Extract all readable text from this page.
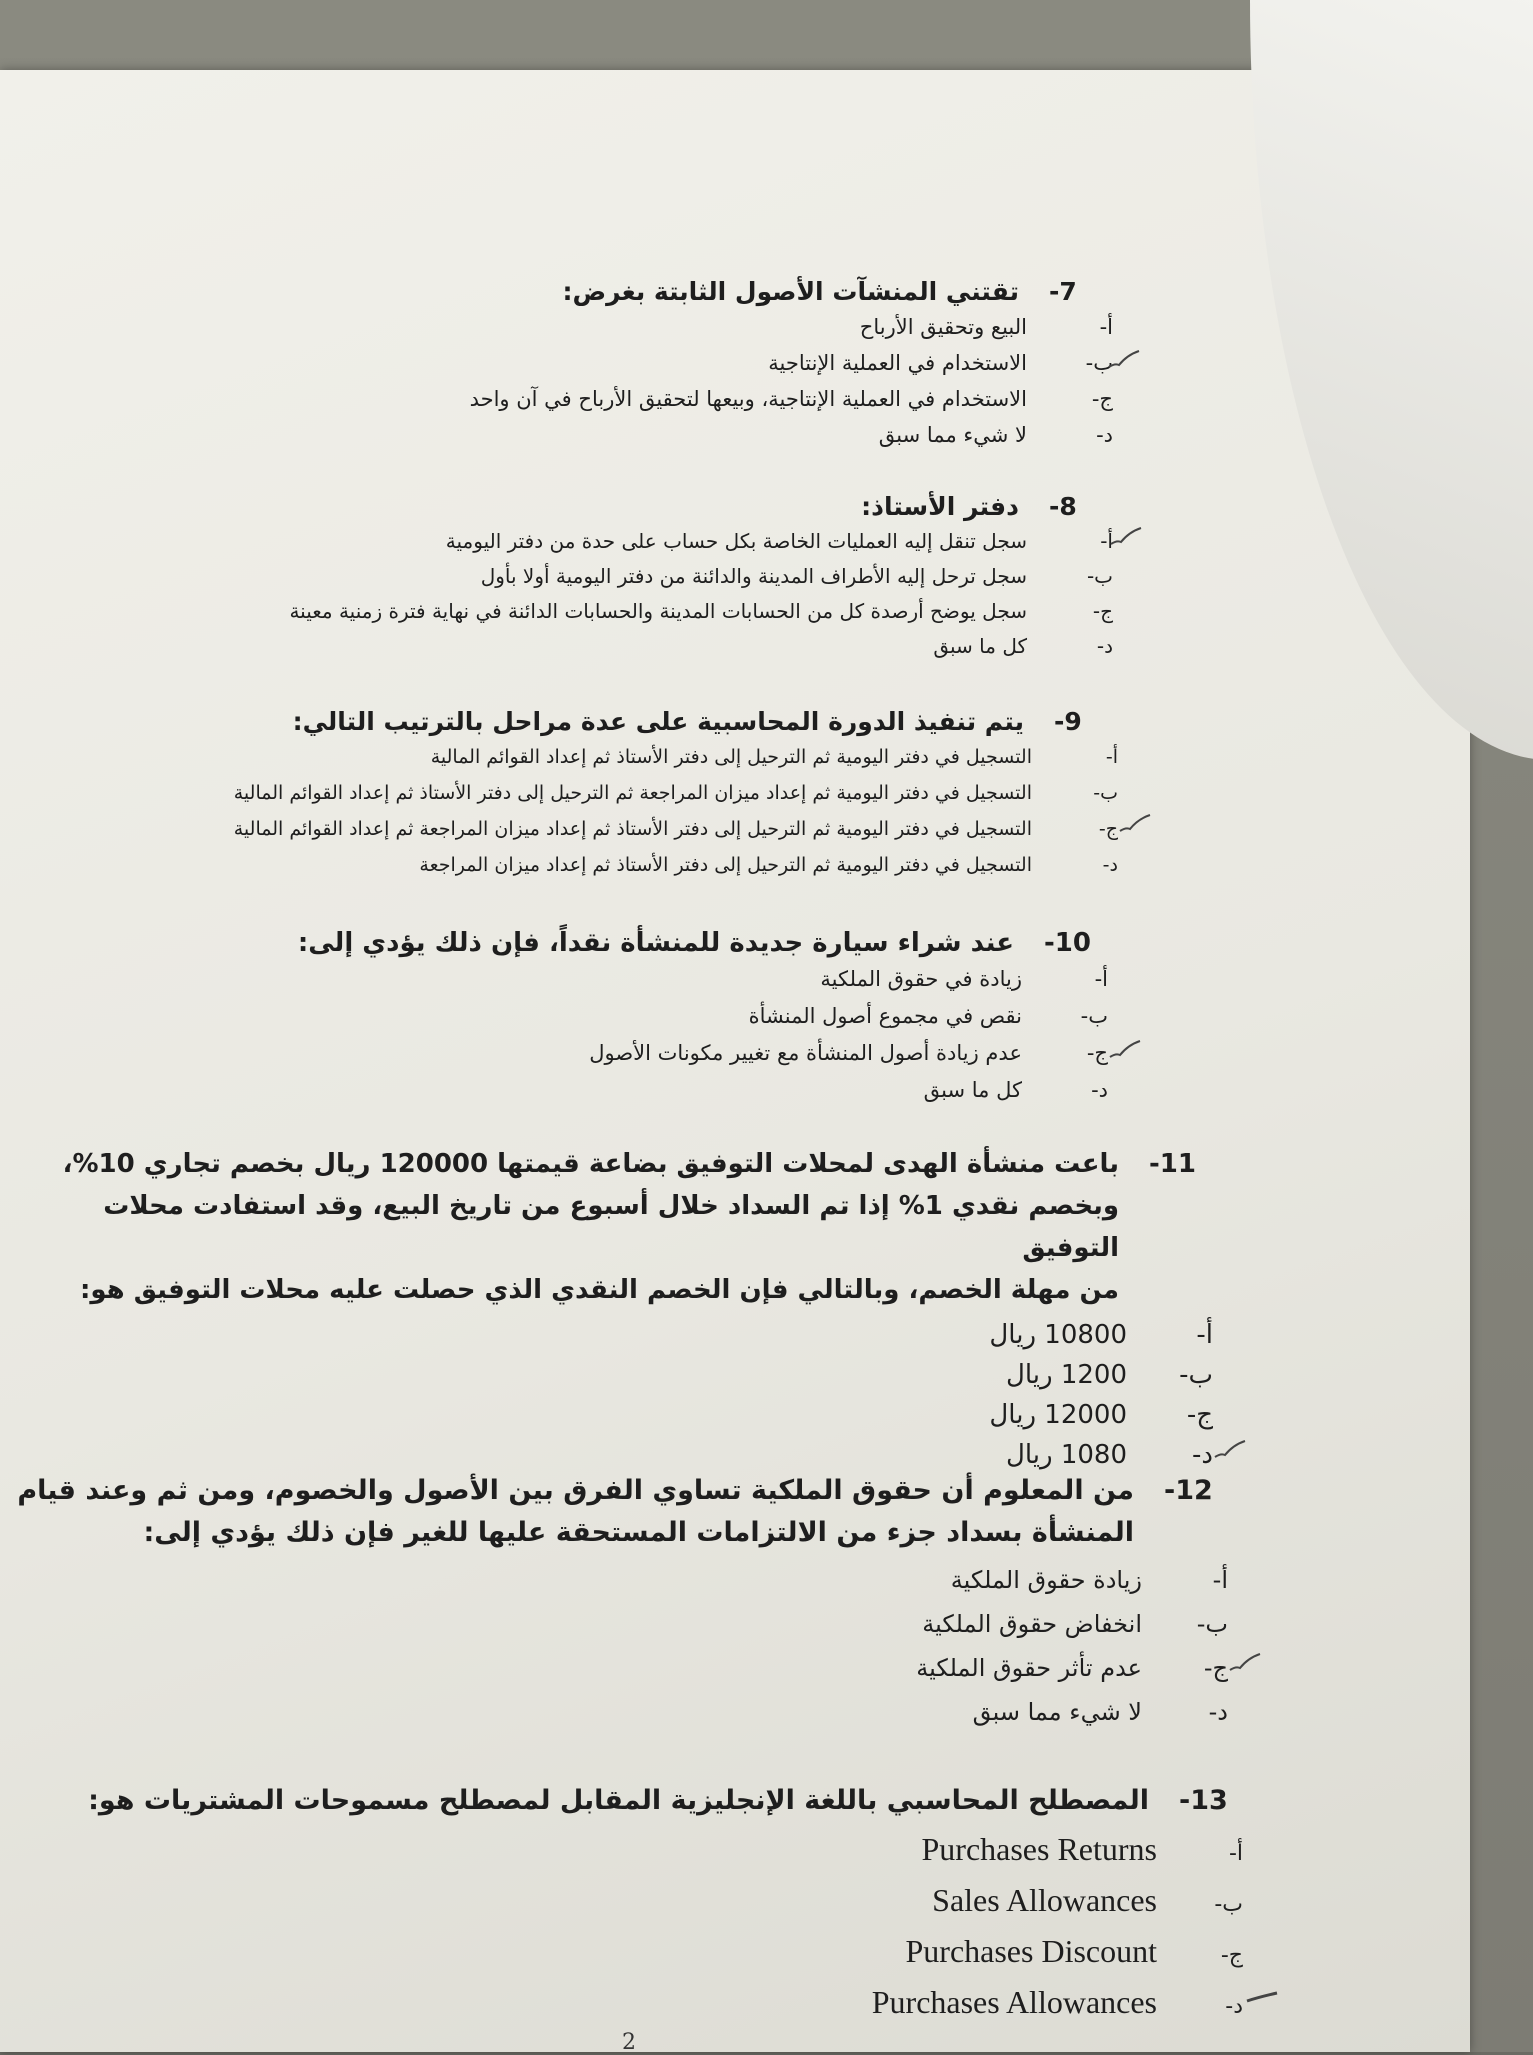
-7
تقتني المنشآت الأصول الثابتة بغرض:
أ-
البيع وتحقيق الأرباح
ب-
الاستخدام في العملية الإنتاجية
ج-
الاستخدام في العملية الإنتاجية، وبيعها لتحقيق الأرباح في آن واحد
د-
لا شيء مما سبق
-8
دفتر الأستاذ:
أ-
سجل تنقل إليه العمليات الخاصة بكل حساب على حدة من دفتر اليومية
ب-
سجل ترحل إليه الأطراف المدينة والدائنة من دفتر اليومية أولا بأول
ج-
سجل يوضح أرصدة كل من الحسابات المدينة والحسابات الدائنة في نهاية فترة زمنية معينة
د-
كل ما سبق
-9
يتم تنفيذ الدورة المحاسبية على عدة مراحل بالترتيب التالي:
أ-
التسجيل في دفتر اليومية ثم الترحيل إلى دفتر الأستاذ ثم إعداد القوائم المالية
ب-
التسجيل في دفتر اليومية ثم إعداد ميزان المراجعة ثم الترحيل إلى دفتر الأستاذ ثم إعداد القوائم المالية
ج-
التسجيل في دفتر اليومية ثم الترحيل إلى دفتر الأستاذ ثم إعداد ميزان المراجعة ثم إعداد القوائم المالية
د-
التسجيل في دفتر اليومية ثم الترحيل إلى دفتر الأستاذ ثم إعداد ميزان المراجعة
-10
عند شراء سيارة جديدة للمنشأة نقداً، فإن ذلك يؤدي إلى:
أ-
زيادة في حقوق الملكية
ب-
نقص في مجموع أصول المنشأة
ج-
عدم زيادة أصول المنشأة مع تغيير مكونات الأصول
د-
كل ما سبق
-11
باعت منشأة الهدى لمحلات التوفيق بضاعة قيمتها 120000 ريال بخصم تجاري 10%،
وبخصم نقدي 1% إذا تم السداد خلال أسبوع من تاريخ البيع، وقد استفادت محلات التوفيق
من مهلة الخصم، وبالتالي فإن الخصم النقدي الذي حصلت عليه محلات التوفيق هو:
أ-
10800 ريال
ب-
1200 ريال
ج-
12000 ريال
د-
1080 ريال
-12
من المعلوم أن حقوق الملكية تساوي الفرق بين الأصول والخصوم، ومن ثم وعند قيام
المنشأة بسداد جزء من الالتزامات المستحقة عليها للغير فإن ذلك يؤدي إلى:
أ-
زيادة حقوق الملكية
ب-
انخفاض حقوق الملكية
ج-
عدم تأثر حقوق الملكية
د-
لا شيء مما سبق
-13
المصطلح المحاسبي باللغة الإنجليزية المقابل لمصطلح مسموحات المشتريات هو:
أ-
Purchases Returns
ب-
Sales Allowances
ج-
Purchases Discount
د-
Purchases Allowances
2
